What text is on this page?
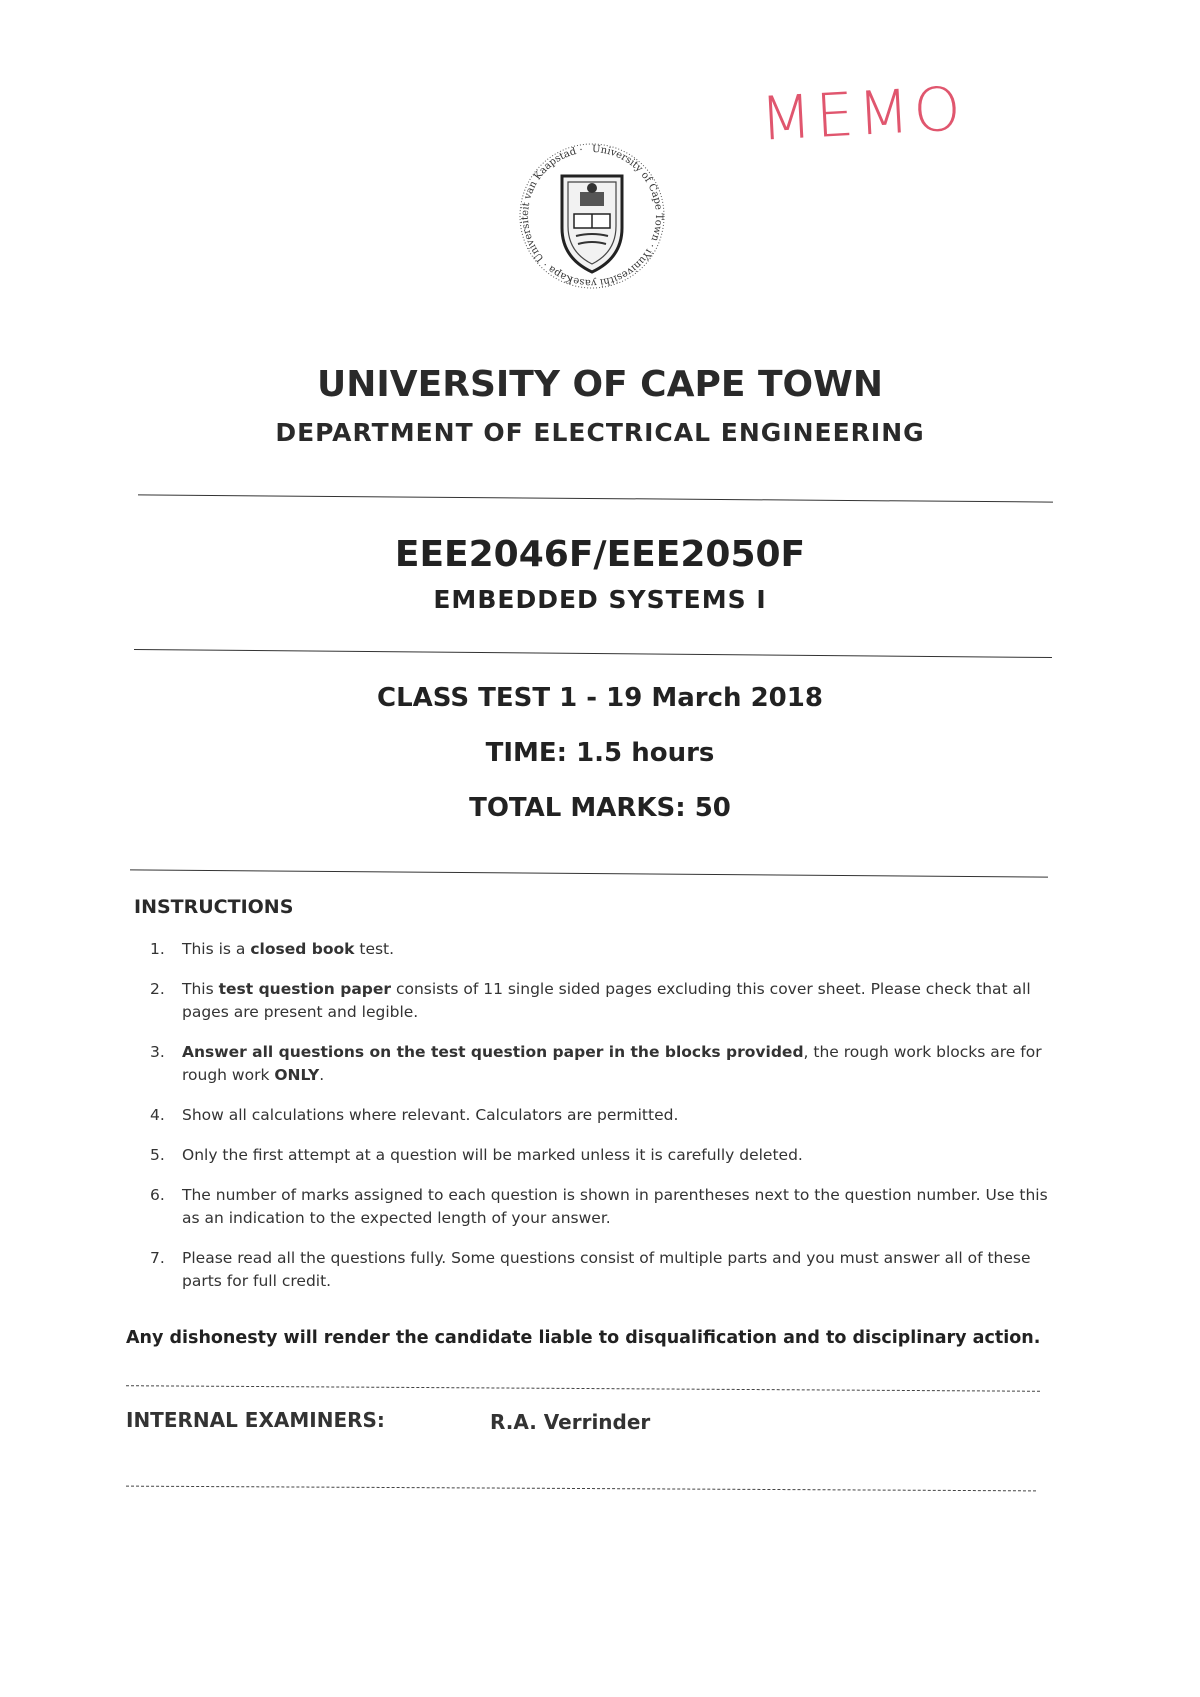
MEMO
University of Cape Town · iYunivesithi yaseKapa · Universiteit van Kaapstad ·
UNIVERSITY OF CAPE TOWN
DEPARTMENT OF ELECTRICAL ENGINEERING
EEE2046F/EEE2050F
EMBEDDED SYSTEMS I
CLASS TEST 1 - 19 March 2018
TIME: 1.5 hours
TOTAL MARKS: 50
INSTRUCTIONS
1.	This is a closed book test.
2.	This test question paper consists of 11 single sided pages excluding this cover sheet. Please check that all pages are present and legible.
3.	Answer all questions on the test question paper in the blocks provided, the rough work blocks are for rough work ONLY.
4.	Show all calculations where relevant. Calculators are permitted.
5.	Only the first attempt at a question will be marked unless it is carefully deleted.
6.	The number of marks assigned to each question is shown in parentheses next to the question number. Use this as an indication to the expected length of your answer.
7.	Please read all the questions fully. Some questions consist of multiple parts and you must answer all of these parts for full credit.
Any dishonesty will render the candidate liable to disqualification and to disciplinary action.
INTERNAL EXAMINERS:	R.A. Verrinder
